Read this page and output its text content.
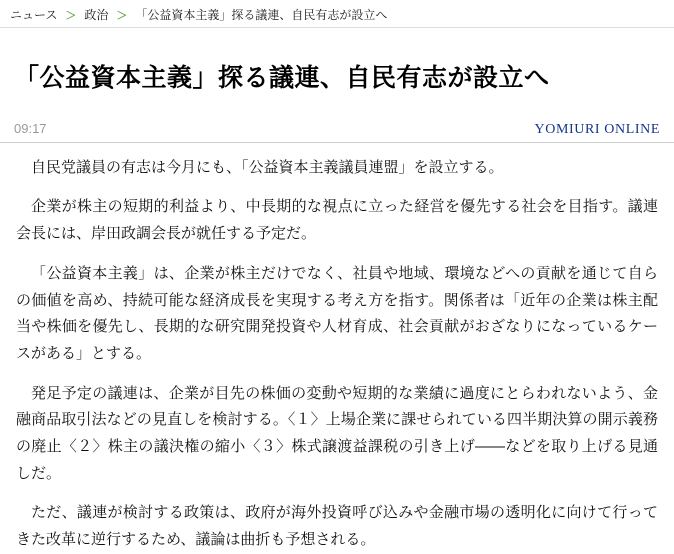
ニュース ＞ 政治 ＞ 「公益資本主義」探る議連、自民有志が設立へ
「公益資本主義」探る議連、自民有志が設立へ
09:17	YOMIURI ONLINE

自民党議員の有志は今月にも、「公益資本主義議員連盟」を設立する。

企業が株主の短期的利益より、中長期的な視点に立った経営を優先する社会を目指す。議連会長には、岸田政調会長が就任する予定だ。

「公益資本主義」は、企業が株主だけでなく、社員や地域、環境などへの貢献を通じて自らの価値を高め、持続可能な経済成長を実現する考え方を指す。関係者は「近年の企業は株主配当や株価を優先し、長期的な研究開発投資や人材育成、社会貢献がおざなりになっているケースがある」とする。

発足予定の議連は、企業が目先の株価の変動や短期的な業績に過度にとらわれないよう、金融商品取引法などの見直しを検討する。〈１〉上場企業に課せられている四半期決算の開示義務の廃止〈２〉株主の議決権の縮小〈３〉株式譲渡益課税の引き上げ――などを取り上げる見通しだ。

ただ、議連が検討する政策は、政府が海外投資呼び込みや金融市場の透明化に向けて行ってきた改革に逆行するため、議論は曲折も予想される。
